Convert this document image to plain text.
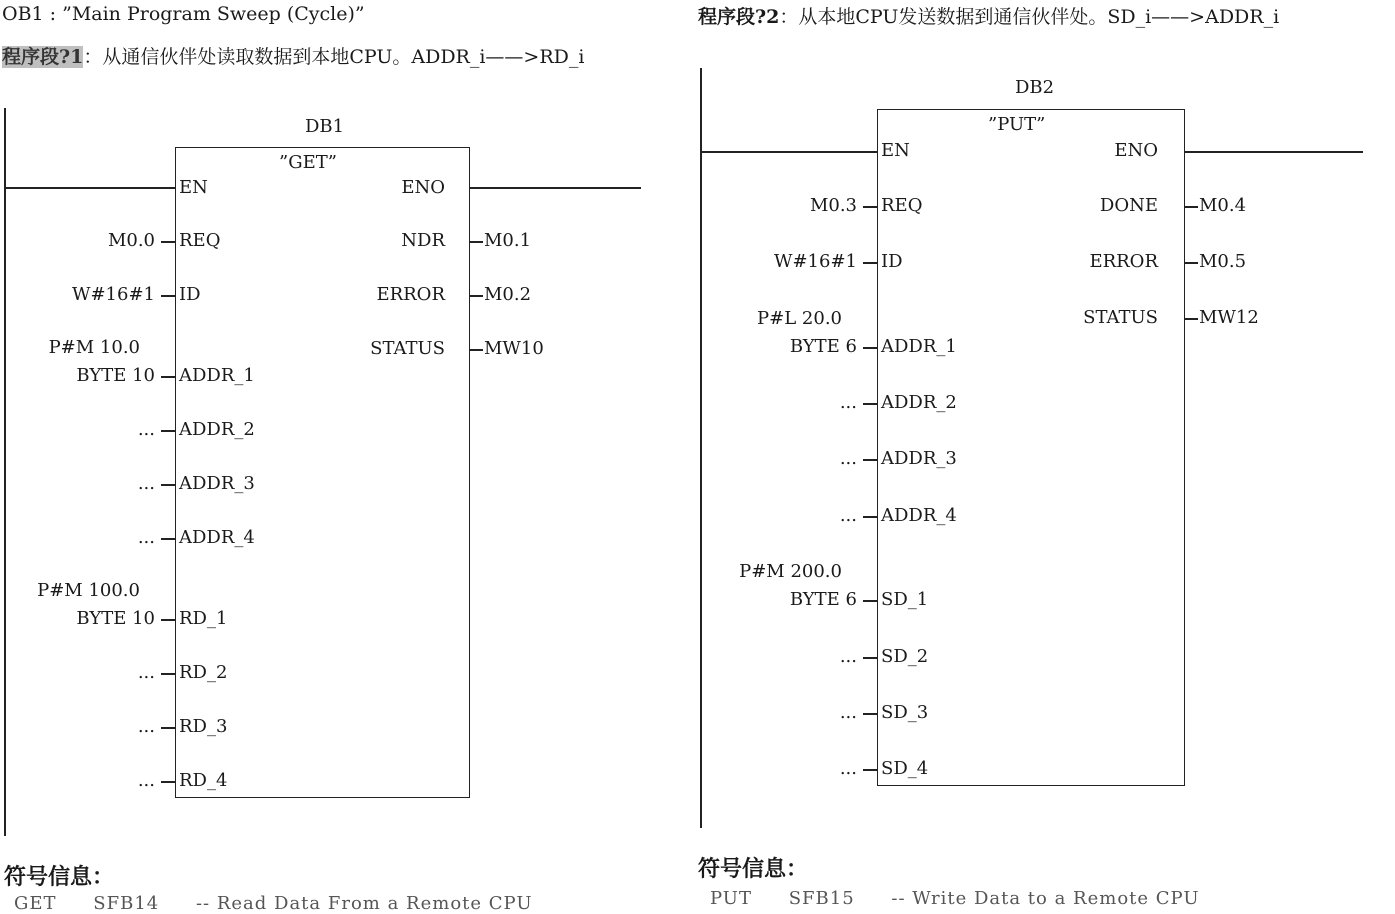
OB1 : ”Main Program Sweep (Cycle)”
程序段?1：从通信伙伴处读取数据到本地CPU。ADDR_i——>RD_i
程序段?2：从本地CPU发送数据到通信伙伴处。SD_i——>ADDR_i
DB1
”GET”
EN	ENO
REQ
M0.0
ID
W#16#1
ADDR_1
BYTE 10
P#M 10.0
ADDR_2
...
ADDR_3
...
ADDR_4
...
RD_1
BYTE 10
P#M 100.0
RD_2
...
RD_3
...
RD_4
...
NDR M0.1
ERROR M0.2
STATUS MW10
DB2
”PUT”
EN	ENO
REQ
M0.3
ID
W#16#1
ADDR_1
BYTE 6
P#L 20.0
ADDR_2
...
ADDR_3
...
ADDR_4
...
SD_1
BYTE 6
P#M 200.0
SD_2
...
SD_3
...
SD_4
...
DONE M0.4
ERROR M0.5
STATUS MW12
符号信息：
GET SFB14 -- Read Data From a Remote CPU
符号信息：
PUT SFB15 -- Write Data to a Remote CPU
